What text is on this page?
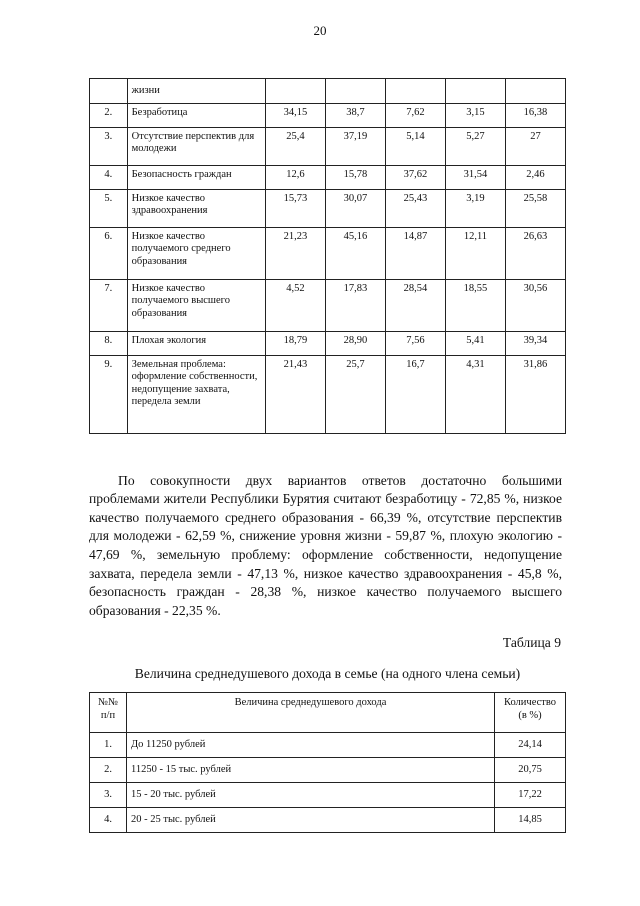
20
	жизни					
2.	Безработица	34,15	38,7	7,62	3,15	16,38
3.	Отсутствие перспектив для молодежи	25,4	37,19	5,14	5,27	27
4.	Безопасность граждан	12,6	15,78	37,62	31,54	2,46
5.	Низкое качество здравоохранения	15,73	30,07	25,43	3,19	25,58
6.	Низкое качество получаемого среднего образования	21,23	45,16	14,87	12,11	26,63
7.	Низкое качество получаемого высшего образования	4,52	17,83	28,54	18,55	30,56
8.	Плохая экология	18,79	28,90	7,56	5,41	39,34
9.	Земельная проблема: оформление собственности, недопущение захвата, передела земли	21,43	25,7	16,7	4,31	31,86

По совокупности двух вариантов ответов достаточно большими проблемами жители Республики Бурятия считают безработицу - 72,85 %, низкое качество получаемого среднего образования - 66,39 %, отсутствие перспектив для молодежи - 62,59 %, снижение уровня жизни - 59,87 %, плохую экологию - 47,69 %, земельную проблему: оформление собственности, недопущение захвата, передела земли - 47,13 %, низкое качество здравоохранения - 45,8 %, безопасность граждан - 28,38 %, низкое качество получаемого высшего образования - 22,35 %.

Таблица 9
Величина среднедушевого дохода в семье (на одного члена семьи)
№№ п/п	Величина среднедушевого дохода	Количество (в %)
1.	До 11250 рублей	24,14
2.	11250 - 15 тыс. рублей	20,75
3.	15 - 20 тыс. рублей	17,22
4.	20 - 25 тыс. рублей	14,85
